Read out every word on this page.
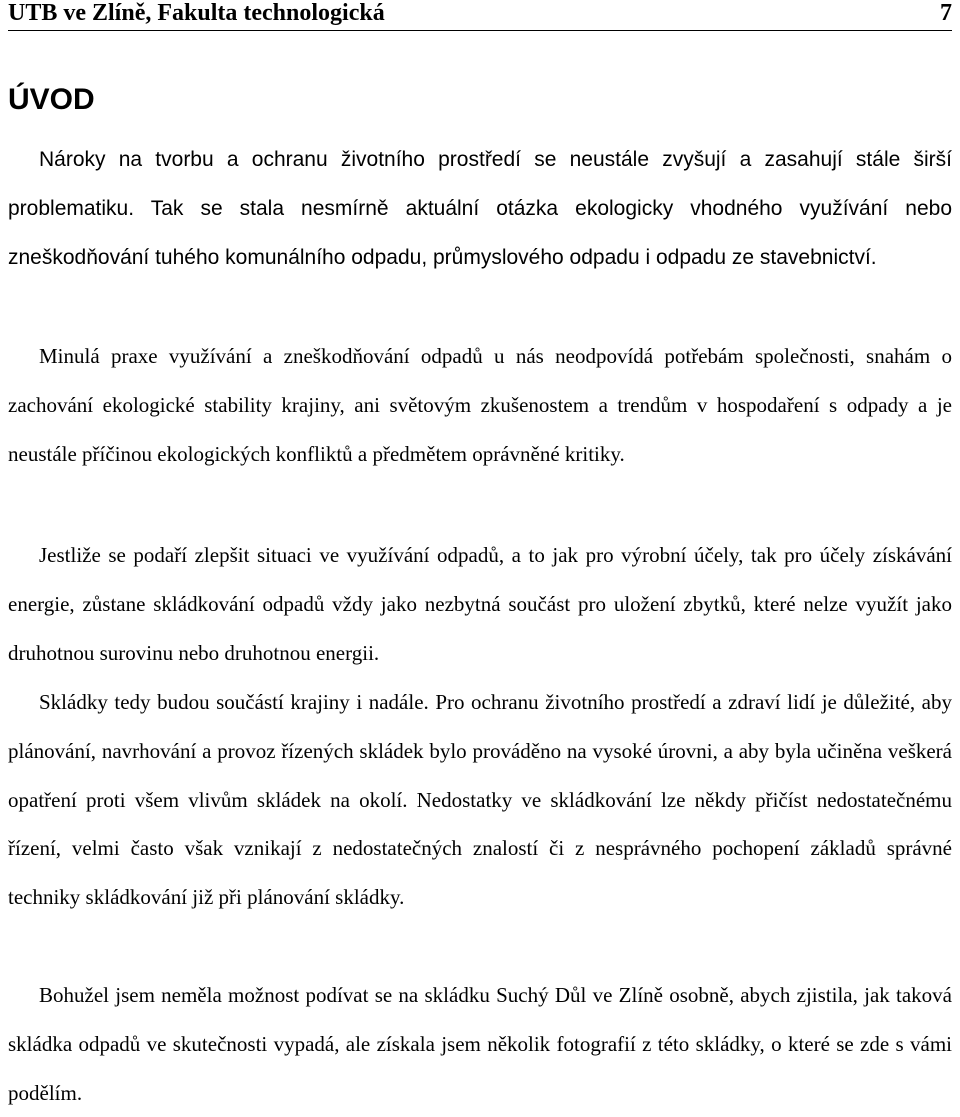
UTB ve Zlíně, Fakulta technologická	7
ÚVOD

Nároky na tvorbu a ochranu životního prostředí se neustále zvyšují a zasahují stále širší problematiku. Tak se stala nesmírně aktuální otázka ekologicky vhodného využívání nebo zneškodňování tuhého komunálního odpadu, průmyslového odpadu i odpadu ze stavebnictví.

Minulá praxe využívání a zneškodňování odpadů u nás neodpovídá potřebám společnosti, snahám o zachování ekologické stability krajiny, ani světovým zkušenostem a trendům v hospodaření s odpady a je neustále příčinou ekologických konfliktů a předmětem oprávněné kritiky.

Jestliže se podaří zlepšit situaci ve využívání odpadů, a to jak pro výrobní účely, tak pro účely získávání energie, zůstane skládkování odpadů vždy jako nezbytná součást pro uložení zbytků, které nelze využít jako druhotnou surovinu nebo druhotnou energii.

Skládky tedy budou součástí krajiny i nadále. Pro ochranu životního prostředí a zdraví lidí je důležité, aby plánování, navrhování a provoz řízených skládek bylo prováděno na vysoké úrovni, a aby byla učiněna veškerá opatření proti všem vlivům skládek na okolí. Nedostatky ve skládkování lze někdy přičíst nedostatečnému řízení, velmi často však vznikají z nedostatečných znalostí či z nesprávného pochopení základů správné techniky skládkování již při plánování skládky.

Bohužel jsem neměla možnost podívat se na skládku Suchý Důl ve Zlíně osobně, abych zjistila, jak taková skládka odpadů ve skutečnosti vypadá, ale získala jsem několik fotografií z této skládky, o které se zde s vámi podělím.
